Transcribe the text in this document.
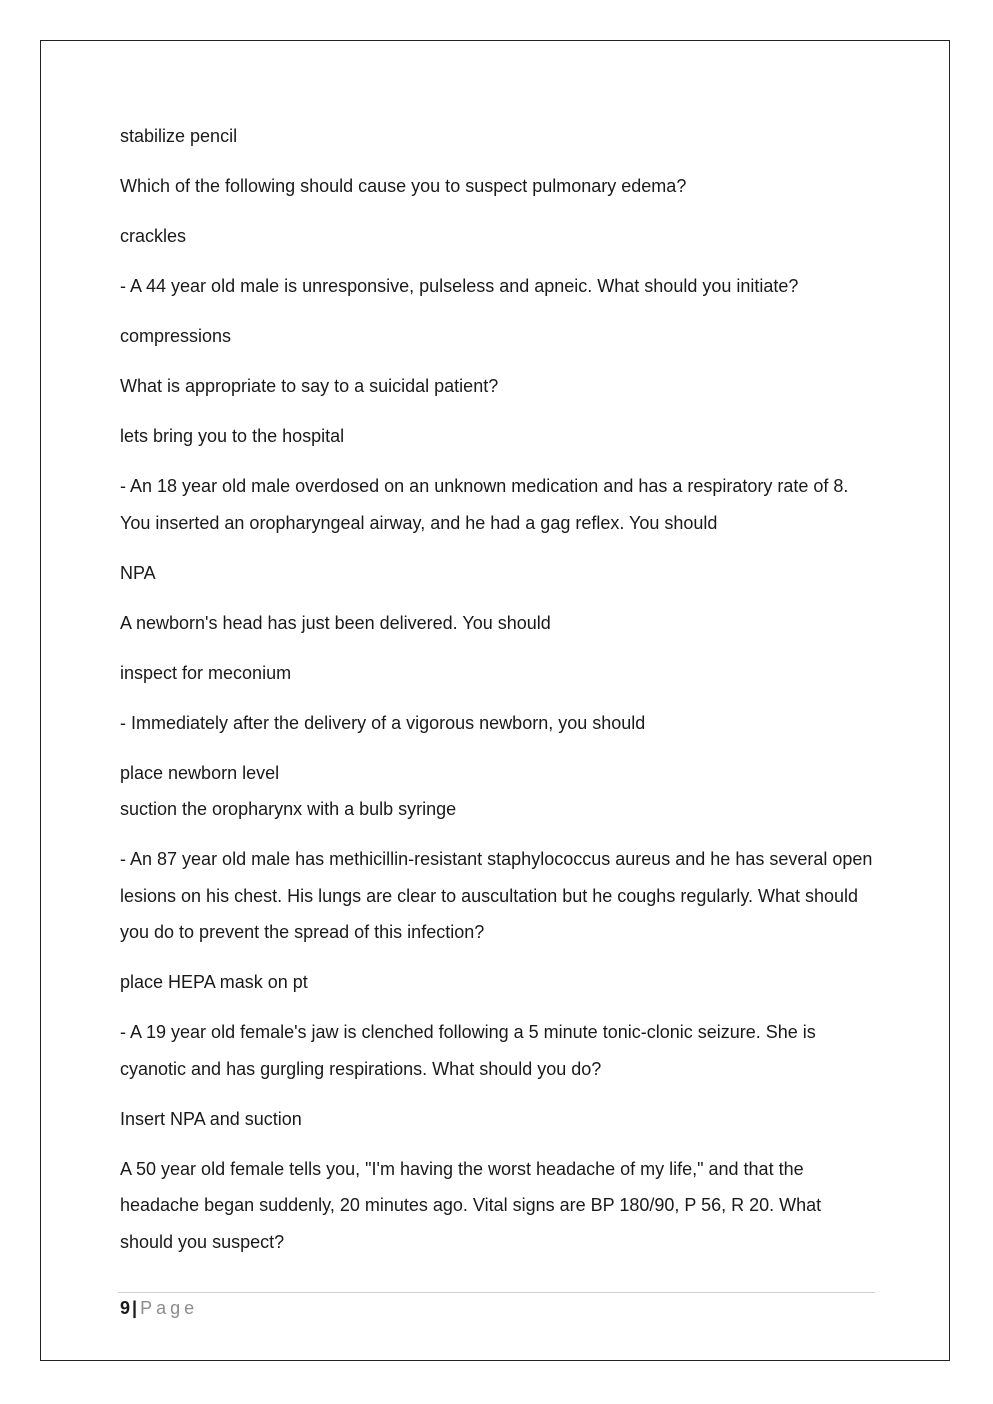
stabilize pencil

Which of the following should cause you to suspect pulmonary edema?

crackles

- A 44 year old male is unresponsive, pulseless and apneic. What should you initiate?

compressions

What is appropriate to say to a suicidal patient?

lets bring you to the hospital

- An 18 year old male overdosed on an unknown medication and has a respiratory rate of 8. You inserted an oropharyngeal airway, and he had a gag reflex. You should

NPA

A newborn's head has just been delivered. You should

inspect for meconium

- Immediately after the delivery of a vigorous newborn, you should

place newborn level

suction the oropharynx with a bulb syringe

- An 87 year old male has methicillin-resistant staphylococcus aureus and he has several open lesions on his chest. His lungs are clear to auscultation but he coughs regularly. What should you do to prevent the spread of this infection?

place HEPA mask on pt

- A 19 year old female's jaw is clenched following a 5 minute tonic-clonic seizure. She is cyanotic and has gurgling respirations. What should you do?

Insert NPA and suction

A 50 year old female tells you, "I'm having the worst headache of my life," and that the headache began suddenly, 20 minutes ago. Vital signs are BP 180/90, P 56, R 20. What should you suspect?

9 | Page
